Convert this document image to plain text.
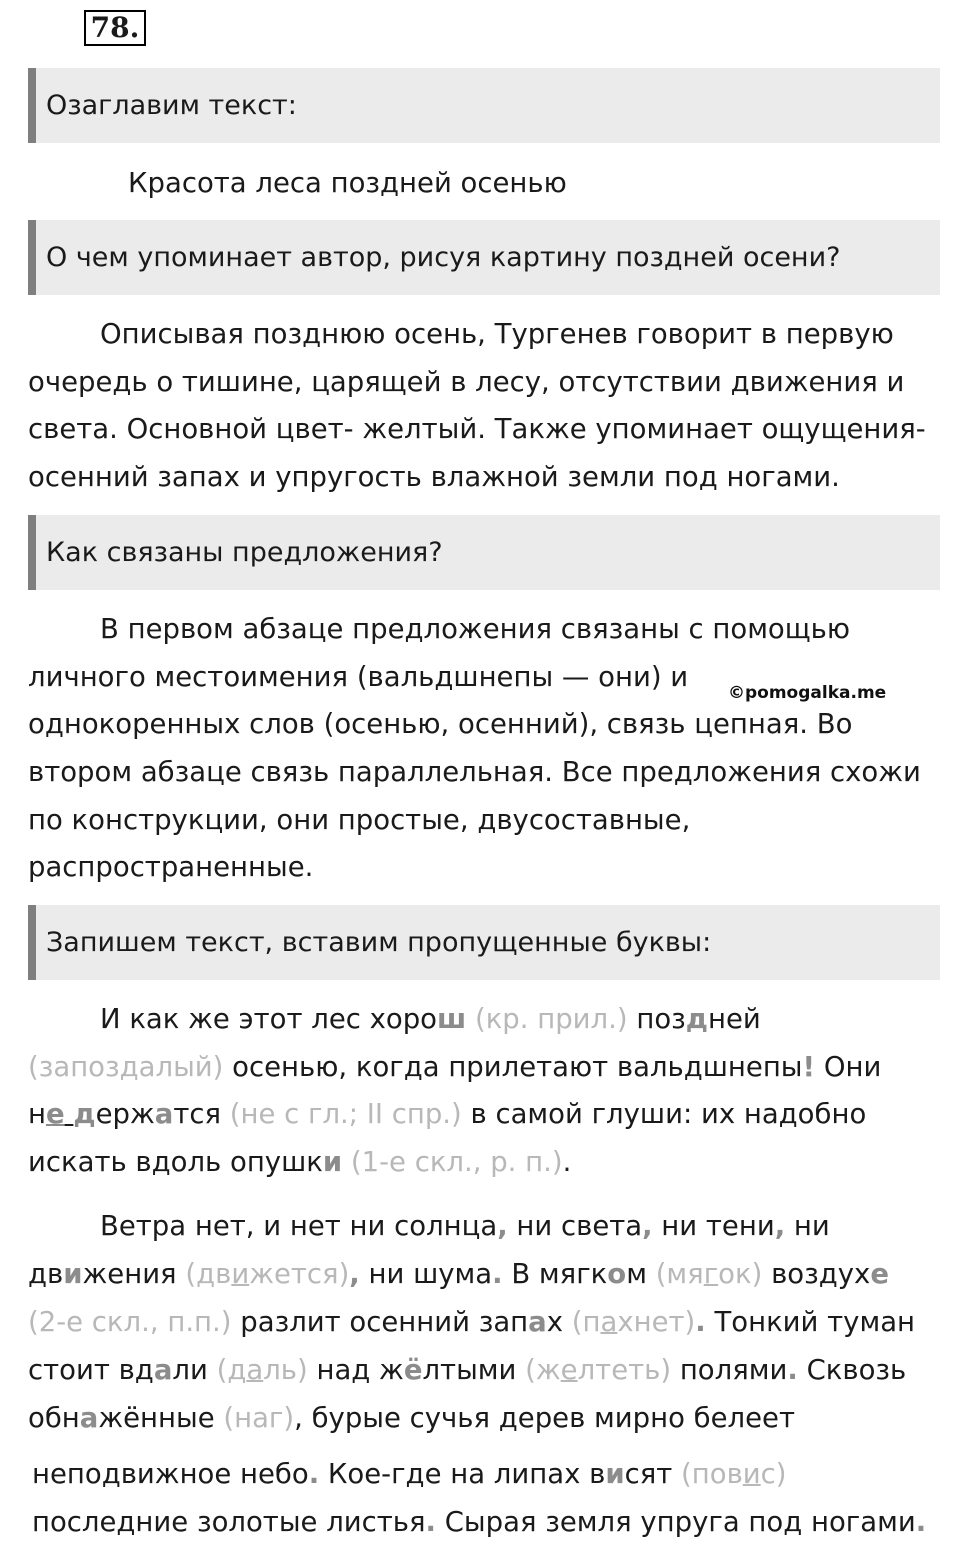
78.
Озаглавим текст:
Красота леса поздней осенью
О чем упоминает автор, рисуя картину поздней осени?
Описывая позднюю осень, Тургенев говорит в первую
очередь о тишине, царящей в лесу, отсутствии движения и
света. Основной цвет- желтый. Также упоминает ощущения-
осенний запах и упругость влажной земли под ногами.
Как связаны предложения?
В первом абзаце предложения связаны с помощью
личного местоимения (вальдшнепы — они) и ©pomogalka.me
однокоренных слов (осенью, осенний), связь цепная. Во
втором абзаце связь параллельная. Все предложения схожи
по конструкции, они простые, двусоставные,
распространенные.
Запишем текст, вставим пропущенные буквы:
И как же этот лес хорош (кр. прил.) поздней
(запоздалый) осенью, когда прилетают вальдшнепы! Они
не держатся (не с гл.; II спр.) в самой глуши: их надобно
искать вдоль опушки (1-е скл., р. п.).
Ветра нет, и нет ни солнца, ни света, ни тени, ни
движения (движется), ни шума. В мягком (мягок) воздухе
(2-е скл., п.п.) разлит осенний запах (пахнет). Тонкий туман
стоит вдали (даль) над жёлтыми (желтеть) полями. Сквозь
обнажённые (наг), бурые сучья дерев мирно белеет
неподвижное небо. Кое-где на липах висят (повис)
последние золотые листья. Сырая земля упруга под ногами.
